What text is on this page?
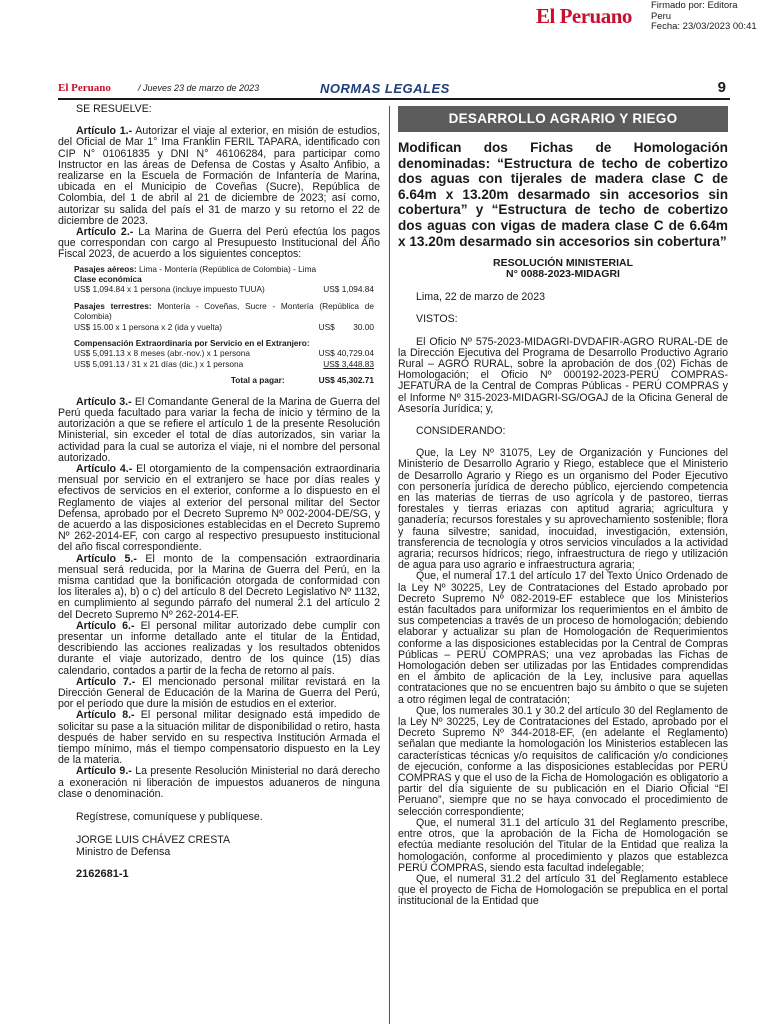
El Peruano Firmado por: Editora
Peru
Fecha: 23/03/2023 00:41
El Peruano	/ Jueves 23 de marzo de 2023	NORMAS LEGALES	9
SE RESUELVE:
Artículo 1.- Autorizar el viaje al exterior, en misión de estudios, del Oficial de Mar 1° Ima Franklin FERIL TAPARA, identificado con CIP N° 01061835 y DNI N° 46106284, para participar como Instructor en las áreas de Defensa de Costas y Asalto Anfibio, a realizarse en la Escuela de Formación de Infantería de Marina, ubicada en el Municipio de Coveñas (Sucre), República de Colombia, del 1 de abril al 21 de diciembre de 2023; así como, autorizar su salida del país el 31 de marzo y su retorno el 22 de diciembre de 2023.
Artículo 2.- La Marina de Guerra del Perú efectúa los pagos que correspondan con cargo al Presupuesto Institucional del Año Fiscal 2023, de acuerdo a los siguientes conceptos:
Pasajes aéreos: Lima - Montería (República de Colombia) - Lima
Clase económica
US$ 1,094.84 x 1 persona (incluye impuesto TUUA)	US$ 1,094.84
Pasajes terrestres: Montería - Coveñas, Sucre - Montería (República de Colombia)
US$ 15.00 x 1 persona x 2 (ida y vuelta)	US$ 30.00
Compensación Extraordinaria por Servicio en el Extranjero:
US$ 5,091.13 x 8 meses (abr.-nov.) x 1 persona	US$ 40,729.04
US$ 5,091.13 / 31 x 21 días (dic.) x 1 persona	US$ 3,448.83
Total a pagar:	US$ 45,302.71
Artículo 3.- El Comandante General de la Marina de Guerra del Perú queda facultado para variar la fecha de inicio y término de la autorización a que se refiere el artículo 1 de la presente Resolución Ministerial, sin exceder el total de días autorizados, sin variar la actividad para la cual se autoriza el viaje, ni el nombre del personal autorizado.
Artículo 4.- El otorgamiento de la compensación extraordinaria mensual por servicio en el extranjero se hace por días reales y efectivos de servicios en el exterior, conforme a lo dispuesto en el Reglamento de viajes al exterior del personal militar del Sector Defensa, aprobado por el Decreto Supremo Nº 002-2004-DE/SG, y de acuerdo a las disposiciones establecidas en el Decreto Supremo Nº 262-2014-EF, con cargo al respectivo presupuesto institucional del año fiscal correspondiente.
Artículo 5.- El monto de la compensación extraordinaria mensual será reducida, por la Marina de Guerra del Perú, en la misma cantidad que la bonificación otorgada de conformidad con los literales a), b) o c) del artículo 8 del Decreto Legislativo Nº 1132, en cumplimiento al segundo párrafo del numeral 2.1 del artículo 2 del Decreto Supremo Nº 262-2014-EF.
Artículo 6.- El personal militar autorizado debe cumplir con presentar un informe detallado ante el titular de la Entidad, describiendo las acciones realizadas y los resultados obtenidos durante el viaje autorizado, dentro de los quince (15) días calendario, contados a partir de la fecha de retorno al país.
Artículo 7.- El mencionado personal militar revistará en la Dirección General de Educación de la Marina de Guerra del Perú, por el período que dure la misión de estudios en el exterior.
Artículo 8.- El personal militar designado está impedido de solicitar su pase a la situación militar de disponibilidad o retiro, hasta después de haber servido en su respectiva Institución Armada el tiempo mínimo, más el tiempo compensatorio dispuesto en la Ley de la materia.
Artículo 9.- La presente Resolución Ministerial no dará derecho a exoneración ni liberación de impuestos aduaneros de ninguna clase o denominación.
Regístrese, comuníquese y publíquese.
JORGE LUIS CHÁVEZ CRESTA
Ministro de Defensa
2162681-1
DESARROLLO AGRARIO Y RIEGO
Modifican dos Fichas de Homologación denominadas: “Estructura de techo de cobertizo dos aguas con tijerales de madera clase C de 6.64m x 13.20m desarmado sin accesorios sin cobertura” y “Estructura de techo de cobertizo dos aguas con vigas de madera clase C de 6.64m x 13.20m desarmado sin accesorios sin cobertura”
RESOLUCIÓN MINISTERIAL
N° 0088-2023-MIDAGRI
Lima, 22 de marzo de 2023
VISTOS:
El Oficio Nº 575-2023-MIDAGRI-DVDAFIR-AGRO RURAL-DE de la Dirección Ejecutiva del Programa de Desarrollo Productivo Agrario Rural – AGRO RURAL, sobre la aprobación de dos (02) Fichas de Homologación; el Oficio Nº 000192-2023-PERÚ COMPRAS-JEFATURA de la Central de Compras Públicas - PERÚ COMPRAS y el Informe Nº 315-2023-MIDAGRI-SG/OGAJ de la Oficina General de Asesoría Jurídica; y,
CONSIDERANDO:
Que, la Ley Nº 31075, Ley de Organización y Funciones del Ministerio de Desarrollo Agrario y Riego, establece que el Ministerio de Desarrollo Agrario y Riego es un organismo del Poder Ejecutivo con personería jurídica de derecho público, ejerciendo competencia en las materias de tierras de uso agrícola y de pastoreo, tierras forestales y tierras eriazas con aptitud agraria; agricultura y ganadería; recursos forestales y su aprovechamiento sostenible; flora y fauna silvestre; sanidad, inocuidad, investigación, extensión, transferencia de tecnología y otros servicios vinculados a la actividad agraria; recursos hídricos; riego, infraestructura de riego y utilización de agua para uso agrario e infraestructura agraria;
Que, el numeral 17.1 del artículo 17 del Texto Único Ordenado de la Ley Nº 30225, Ley de Contrataciones del Estado aprobado por Decreto Supremo Nº 082-2019-EF establece que los Ministerios están facultados para uniformizar los requerimientos en el ámbito de sus competencias a través de un proceso de homologación; debiendo elaborar y actualizar su plan de Homologación de Requerimientos conforme a las disposiciones establecidas por la Central de Compras Públicas – PERÚ COMPRAS; una vez aprobadas las Fichas de Homologación deben ser utilizadas por las Entidades comprendidas en el ámbito de aplicación de la Ley, inclusive para aquellas contrataciones que no se encuentren bajo su ámbito o que se sujeten a otro régimen legal de contratación;
Que, los numerales 30.1 y 30.2 del artículo 30 del Reglamento de la Ley Nº 30225, Ley de Contrataciones del Estado, aprobado por el Decreto Supremo Nº 344-2018-EF, (en adelante el Reglamento) señalan que mediante la homologación los Ministerios establecen las características técnicas y/o requisitos de calificación y/o condiciones de ejecución, conforme a las disposiciones establecidas por PERÚ COMPRAS y que el uso de la Ficha de Homologación es obligatorio a partir del día siguiente de su publicación en el Diario Oficial “El Peruano”, siempre que no se haya convocado el procedimiento de selección correspondiente;
Que, el numeral 31.1 del artículo 31 del Reglamento prescribe, entre otros, que la aprobación de la Ficha de Homologación se efectúa mediante resolución del Titular de la Entidad que realiza la homologación, conforme al procedimiento y plazos que establezca PERÚ COMPRAS, siendo esta facultad indelegable;
Que, el numeral 31.2 del artículo 31 del Reglamento establece que el proyecto de Ficha de Homologación se prepublica en el portal institucional de la Entidad que
